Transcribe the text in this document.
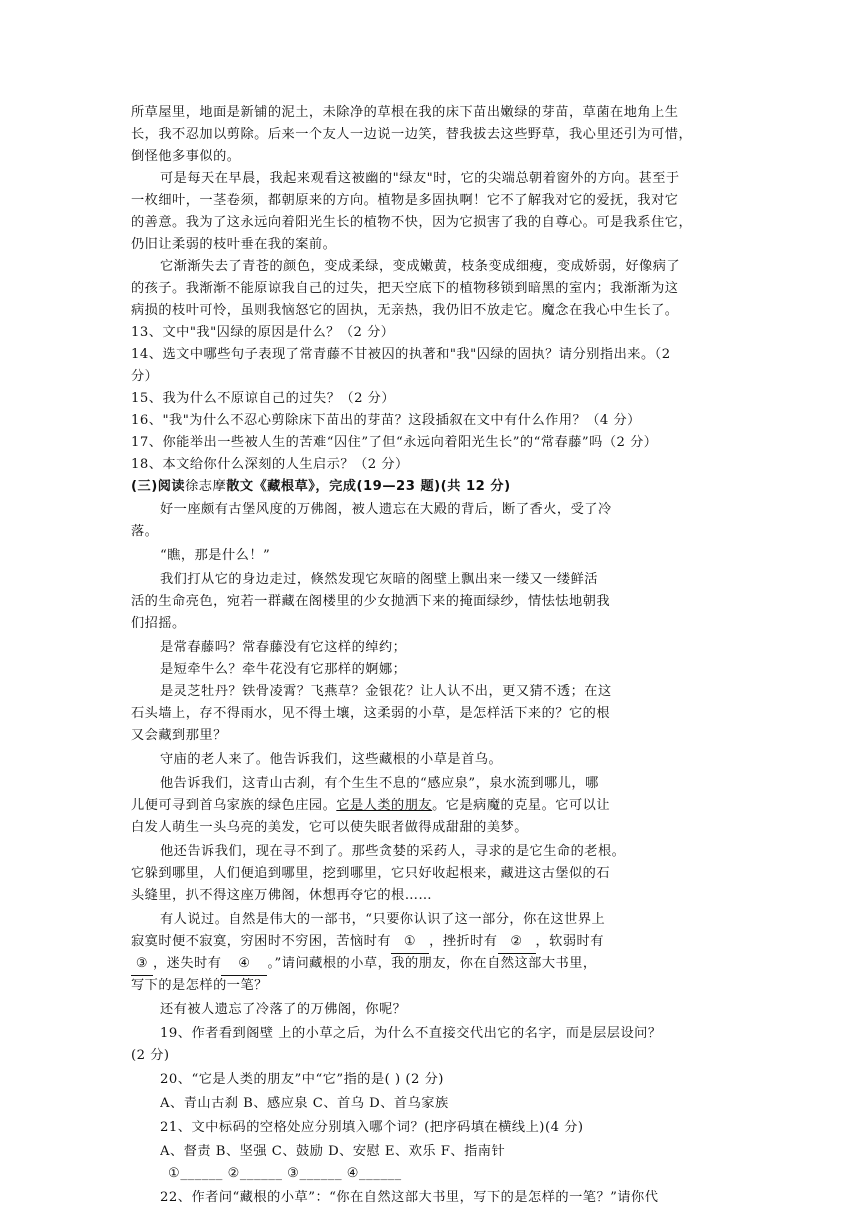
所草屋里，地面是新铺的泥土，未除净的草根在我的床下苗出嫩绿的芽苗，草菌在地角上生
长，我不忍加以剪除。后来一个友人一边说一边笑，替我拔去这些野草，我心里还引为可惜，
倒怪他多事似的。
可是每天在早晨，我起来观看这被幽的"绿友"时，它的尖端总朝着窗外的方向。甚至于
一枚细叶，一茎卷须，都朝原来的方向。植物是多固执啊！它不了解我对它的爱抚，我对它
的善意。我为了这永远向着阳光生长的植物不快，因为它损害了我的自尊心。可是我系住它，
仍旧让柔弱的枝叶垂在我的案前。
它渐渐失去了青苍的颜色，变成柔绿，变成嫩黄，枝条变成细瘦，变成娇弱，好像病了
的孩子。我渐渐不能原谅我自己的过失，把天空底下的植物移锁到暗黑的室内；我渐渐为这
病损的枝叶可怜，虽则我恼怒它的固执，无亲热，我仍旧不放走它。魔念在我心中生长了。
13、文中"我"囚绿的原因是什么？（2 分）
14、选文中哪些句子表现了常青藤不甘被囚的执著和"我"囚绿的固执？请分别指出来。（2
分）
15、我为什么不原谅自己的过失？（2 分）
16、"我"为什么不忍心剪除床下苗出的芽苗？这段插叙在文中有什么作用？（4 分）
17、你能举出一些被人生的苦难“囚住”了但“永远向着阳光生长”的“常春藤”吗（2 分）
18、本文给你什么深刻的人生启示？（2 分）
(三)阅读徐志摩散文《藏根草》，完成(19—23 题)(共 12 分)
好一座颇有古堡风度的万佛阁，被人遗忘在大殿的背后，断了香火，受了冷
落。
“瞧，那是什么！”
我们打从它的身边走过，倏然发现它灰暗的阁壁上飘出来一缕又一缕鲜活
活的生命亮色，宛若一群藏在阁楼里的少女抛洒下来的掩面绿纱，情怯怯地朝我
们招摇。
是常春藤吗？常春藤没有它这样的绰约；
是短牵牛么？牵牛花没有它那样的婀娜；
是灵芝牡丹？铁骨凌霄？飞燕草？金银花？让人认不出，更又猜不透；在这
石头墙上，存不得雨水，见不得土壤，这柔弱的小草，是怎样活下来的？它的根
又会藏到那里？
守庙的老人来了。他告诉我们，这些藏根的小草是首乌。
他告诉我们，这青山古刹，有个生生不息的“感应泉”，泉水流到哪儿，哪
儿便可寻到首乌家族的绿色庄园。它是人类的朋友。它是病魔的克星。它可以让
白发人萌生一头乌亮的美发，它可以使失眠者做得成甜甜的美梦。
他还告诉我们，现在寻不到了。那些贪婪的采药人，寻求的是它生命的老根。
它躲到哪里，人们便追到哪里，挖到哪里，它只好收起根来，藏进这古堡似的石
头缝里，扒不得这座万佛阁，休想再夺它的根……
有人说过。自然是伟大的一部书，“只要你认识了这一部分，你在这世界上
寂寞时便不寂寞，穷困时不穷困，苦恼时有 ① ，挫折时有 ② ，软弱时有
③ ，迷失时有 ④ 。”请问藏根的小草，我的朋友，你在自然这部大书里，
写下的是怎样的一笔？
还有被人遗忘了冷落了的万佛阁，你呢？
19、作者看到阁壁 上的小草之后，为什么不直接交代出它的名字，而是层层设问？
(2 分)
20、“它是人类的朋友”中“它”指的是( ) (2 分)
A、青山古刹 B、感应泉 C、首乌 D、首乌家族
21、文中标码的空格处应分别填入哪个词？(把序码填在横线上)(4 分)
A、督责 B、坚强 C、鼓励 D、安慰 E、欢乐 F、指南针
①______ ②______ ③______ ④______
22、作者问“藏根的小草”：“你在自然这部大书里，写下的是怎样的一笔？”请你代
